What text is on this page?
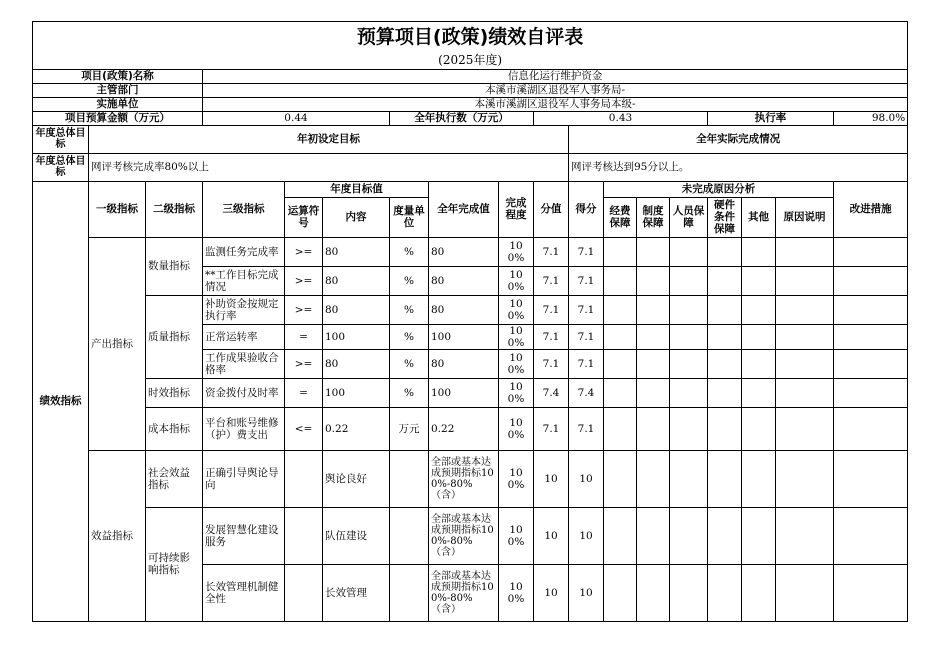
预算项目(政策)绩效自评表																	
(2025年度)																	
项目(政策)名称			信息化运行维护资金														
主管部门			本溪市溪湖区退役军人事务局-														
实施单位			本溪市溪湖区退役军人事务局本级-														
项目预算金额（万元）			0.44			全年执行数（万元）			0.43					执行率			98.0%
年度总体目标	年初设定目标									全年实际完成情况							
年度总体目标	网评考核完成率80%以上									网评考核达到95分以上。							
绩效指标	一级指标	二级指标	三级指标	年度目标值			全年完成值	完成程度	分值	得分	未完成原因分析						改进措施
				运算符号	内容	度量单位					经费保障	制度保障	人员保障	硬件条件保障	其他	原因说明	
	产出指标	数量指标	监测任务完成率	>=	80	%	80	100%	7.1	7.1							
			**工作目标完成情况	>=	80	%	80	100%	7.1	7.1							
		质量指标	补助资金按规定执行率	>=	80	%	80	100%	7.1	7.1							
			正常运转率	=	100	%	100	100%	7.1	7.1							
			工作成果验收合格率	>=	80	%	80	100%	7.1	7.1							
		时效指标	资金拨付及时率	=	100	%	100	100%	7.4	7.4							
		成本指标	平台和账号维修（护）费支出	<=	0.22	万元	0.22	100%	7.1	7.1							
	效益指标	社会效益指标	正确引导舆论导向		舆论良好		全部或基本达成预期指标100%-80%（含）	100%	10	10							
		可持续影响指标	发展智慧化建设服务		队伍建设		全部或基本达成预期指标100%-80%（含）	100%	10	10							
			长效管理机制健全性		长效管理		全部或基本达成预期指标100%-80%（含）	100%	10	10							
